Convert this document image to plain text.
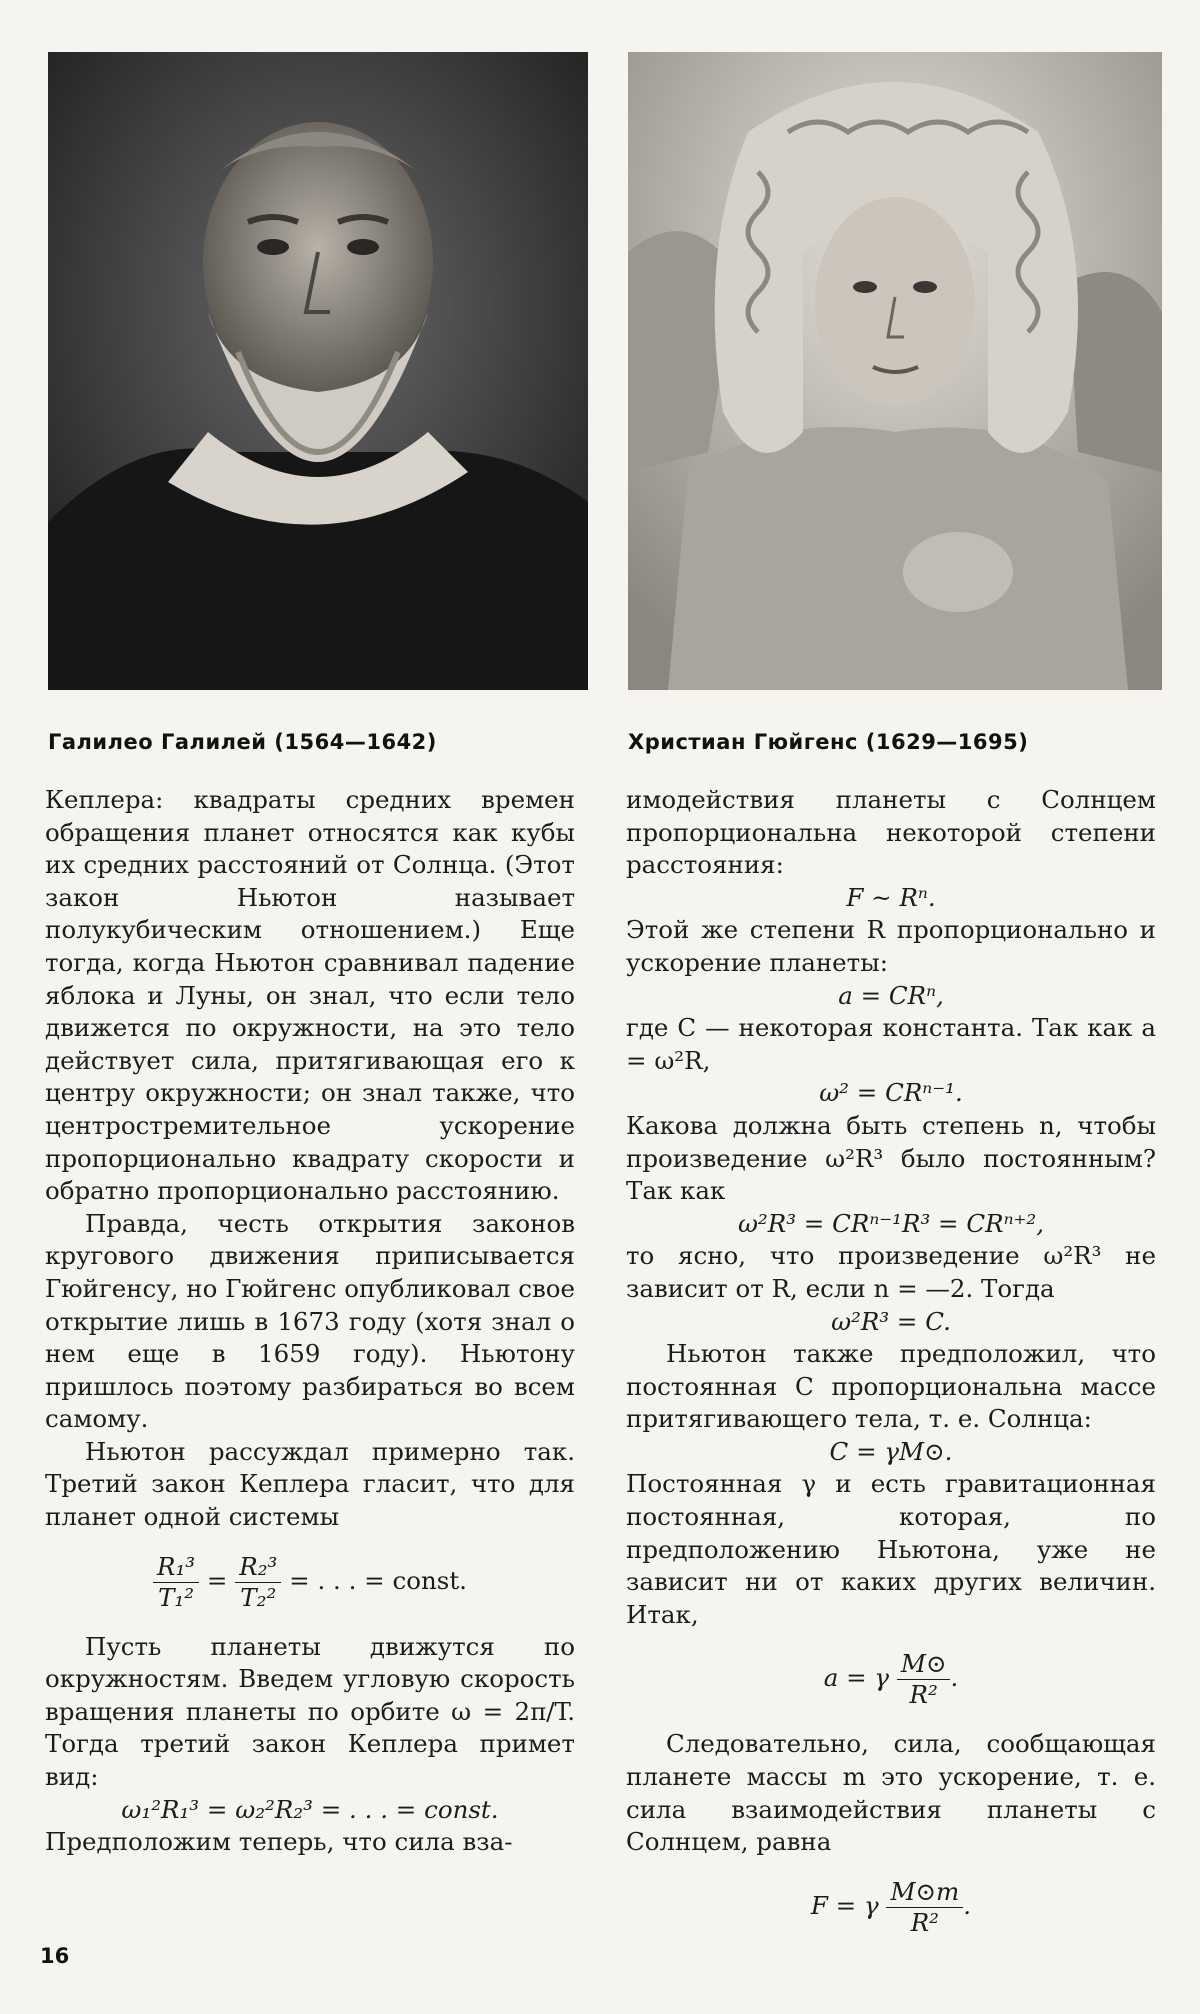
Галилео Галилей (1564—1642)	Христиан Гюйгенс (1629—1695)

Кеплера: квадраты средних времен обращения планет относятся как кубы их средних расстояний от Солнца. (Этот закон Ньютон называет полукубическим отношением.) Еще тогда, когда Ньютон сравнивал падение яблока и Луны, он знал, что если тело движется по окружности, на это тело действует сила, притягивающая его к центру окружности; он знал также, что центростремительное ускорение пропорционально квадрату скорости и обратно пропорционально расстоянию.

Правда, честь открытия законов кругового движения приписывается Гюйгенсу, но Гюйгенс опубликовал свое открытие лишь в 1673 году (хотя знал о нем еще в 1659 году). Ньютону пришлось поэтому разбираться во всем самому.

Ньютон рассуждал примерно так. Третий закон Кеплера гласит, что для планет одной системы

$\frac{\text{R₁³}}{\text{T₁²}} = \frac{\text{R₂³}}{\text{T₂²}}$ = . . . = const.

Пусть планеты движутся по окружностям. Введем угловую скорость вращения планеты по орбите ω = 2π/T. Тогда третий закон Кеплера примет вид:

ω₁²R₁³ = ω₂²R₂³ = . . . = const.

Предположим теперь, что сила вза-

имодействия планеты с Солнцем пропорциональна некоторой степени расстояния:

F ~ Rⁿ.

Этой же степени R пропорционально и ускорение планеты:

a = CRⁿ,

где C — некоторая константа. Так как a = ω²R,

ω² = CRⁿ⁻¹.

Какова должна быть степень n, чтобы произведение ω²R³ было постоянным? Так как

ω²R³ = CRⁿ⁻¹R³ = CRⁿ⁺²,

то ясно, что произведение ω²R³ не зависит от R, если n = —2. Тогда

ω²R³ = C.

Ньютон также предположил, что постоянная C пропорциональна массе притягивающего тела, т. е. Солнца:

C = γM⊙.

Постоянная γ и есть гравитационная постоянная, которая, по предположению Ньютона, уже не зависит ни от каких других величин. Итак,

a = γ $\frac{M⊙}{\text{R²}}$ .

Следовательно, сила, сообщающая планете массы m это ускорение, т. е. сила взаимодействия планеты с Солнцем, равна

F = γ $\frac{M⊙m}{\text{R²}}$ .
16
